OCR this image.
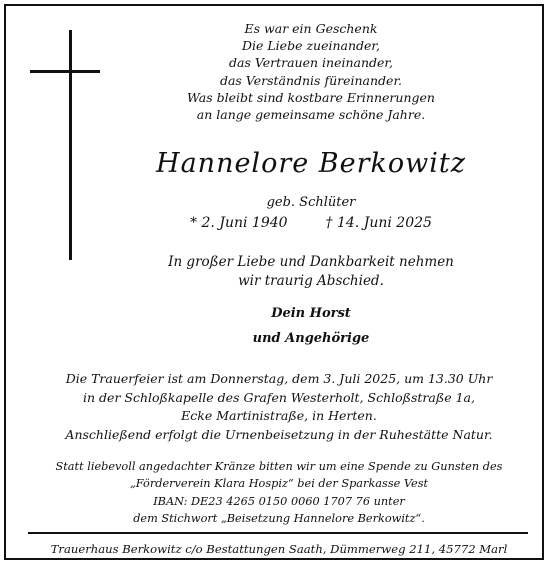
Es war ein Geschenk
Die Liebe zueinander,
das Vertrauen ineinander,
das Verständnis füreinander.
Was bleibt sind kostbare Erinnerungen
an lange gemeinsame schöne Jahre.
Hannelore Berkowitz
geb. Schlüter
* 2. Juni 1940	† 14. Juni 2025
In großer Liebe und Dankbarkeit nehmen
wir traurig Abschied.
Dein Horst
und Angehörige
Die Trauerfeier ist am Donnerstag, dem 3. Juli 2025, um 13.30 Uhr
in der Schloßkapelle des Grafen Westerholt, Schloßstraße 1a,
Ecke Martinistraße, in Herten.
Anschließend erfolgt die Urnenbeisetzung in der Ruhestätte Natur.
Statt liebevoll angedachter Kränze bitten wir um eine Spende zu Gunsten des
„Förderverein Klara Hospiz“ bei der Sparkasse Vest
IBAN: DE23 4265 0150 0060 1707 76 unter
dem Stichwort „Beisetzung Hannelore Berkowitz“.
Trauerhaus Berkowitz c/o Bestattungen Saath, Dümmerweg 211, 45772 Marl
